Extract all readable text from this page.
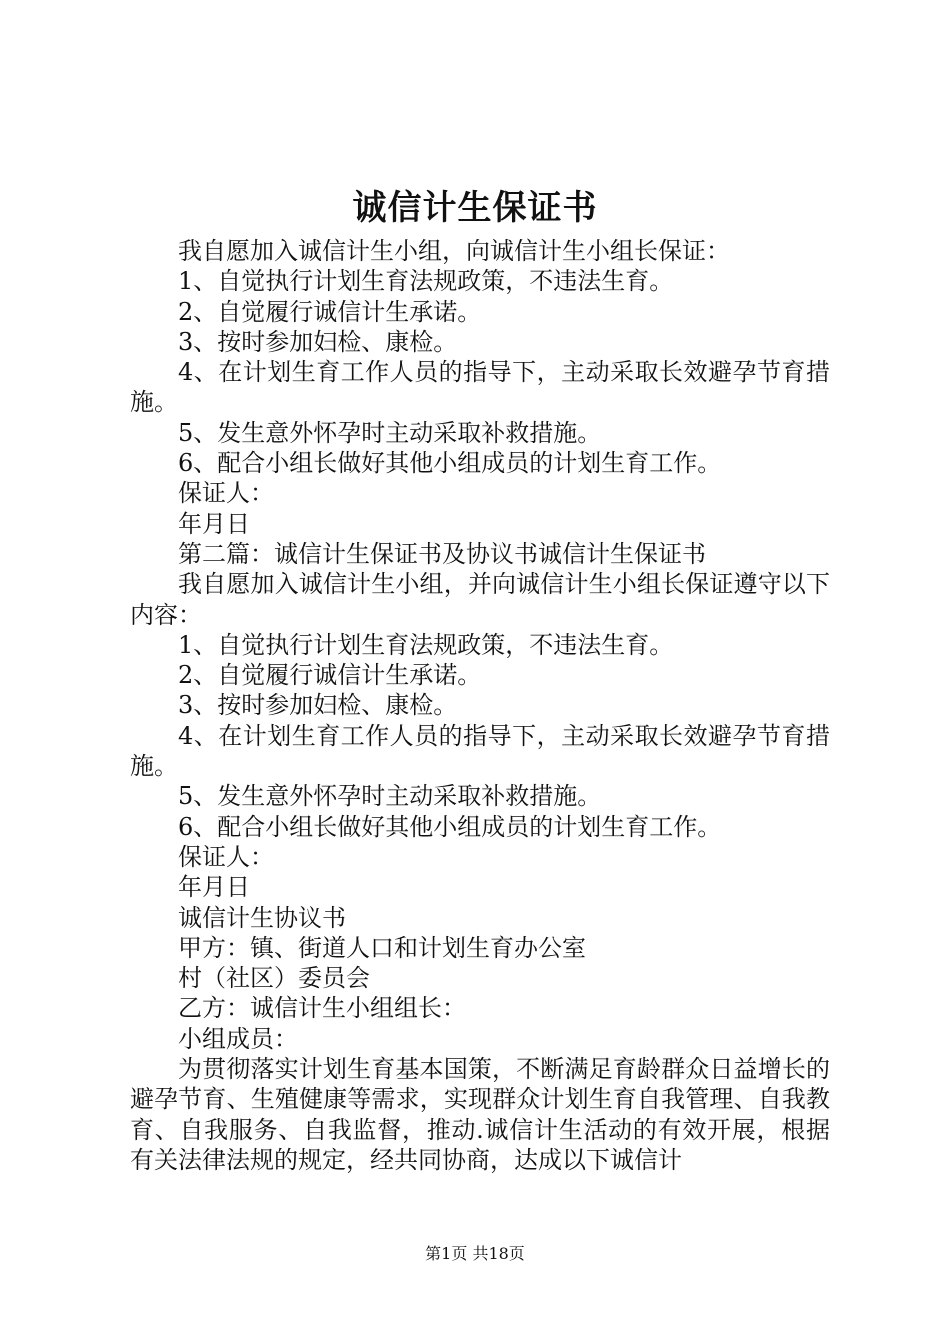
诚信计生保证书

我自愿加入诚信计生小组，向诚信计生小组长保证：

1、自觉执行计划生育法规政策，不违法生育。

2、自觉履行诚信计生承诺。

3、按时参加妇检、康检。

4、在计划生育工作人员的指导下，主动采取长效避孕节育措施。

5、发生意外怀孕时主动采取补救措施。

6、配合小组长做好其他小组成员的计划生育工作。

保证人：

年月日

第二篇：诚信计生保证书及协议书诚信计生保证书

我自愿加入诚信计生小组，并向诚信计生小组长保证遵守以下内容：

1、自觉执行计划生育法规政策，不违法生育。

2、自觉履行诚信计生承诺。

3、按时参加妇检、康检。

4、在计划生育工作人员的指导下，主动采取长效避孕节育措施。

5、发生意外怀孕时主动采取补救措施。

6、配合小组长做好其他小组成员的计划生育工作。

保证人：

年月日

诚信计生协议书

甲方：镇、街道人口和计划生育办公室

村（社区）委员会

乙方：诚信计生小组组长：

小组成员：

为贯彻落实计划生育基本国策，不断满足育龄群众日益增长的避孕节育、生殖健康等需求，实现群众计划生育自我管理、自我教育、自我服务、自我监督，推动.诚信计生活动的有效开展，根据有关法律法规的规定，经共同协商，达成以下诚信计

第1页 共18页
